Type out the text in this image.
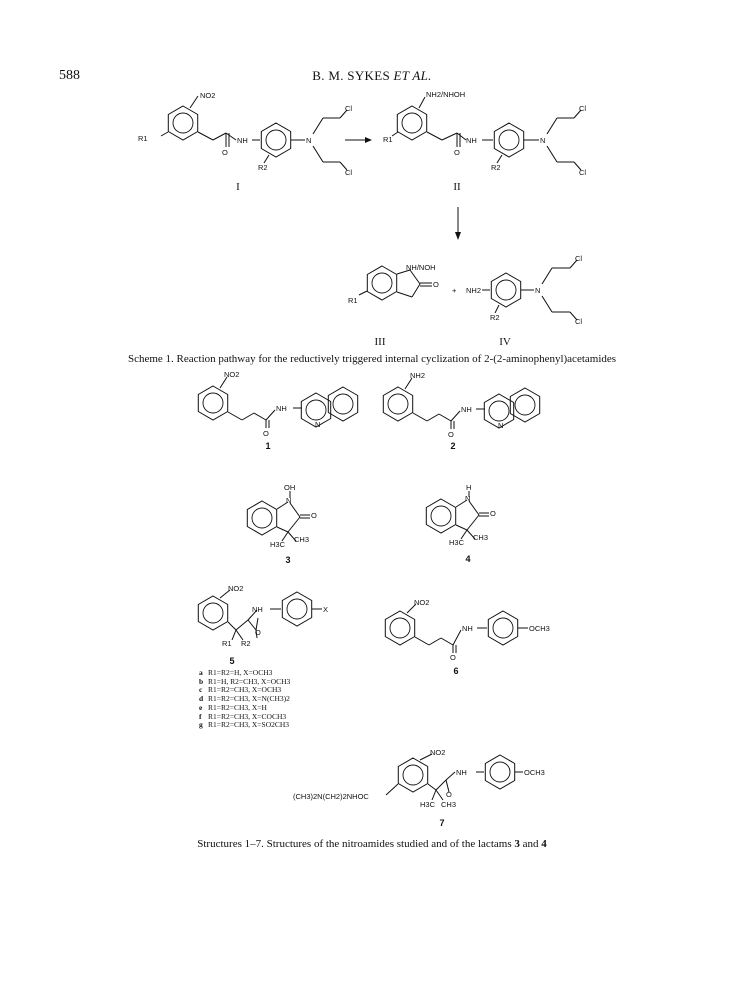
588	B. M. SYKES ET AL.
NO2
R1	NH
O
N
Cl
Cl
R2
I
NH2/NHOH
R1	NH
O
N
Cl
Cl
R2
II
NH/NOH
O
R1
+ NH2	N
Cl
Cl
R2
III	IV
Scheme 1. Reaction pathway for the reductively triggered internal cyclization of 2-(2-aminophenyl)acetamides
NO2
NH
O
N
1
NH2
NH
O
N
2
OH
N
O
H3C
CH3
3
H
N
O
H3C
CH3
4
NO2
NH
O
X
R1 R2
5
a R1=R2=H, X=OCH3
b R1=H, R2=CH3, X=OCH3
c R1=R2=CH3, X=OCH3
d R1=R2=CH3, X=N(CH3)2
e R1=R2=CH3, X=H
f R1=R2=CH3, X=COCH3
g R1=R2=CH3, X=SO2CH3
NO2
NH
O
OCH3
6
NO2
NH
O
OCH3
(CH3)2N(CH2)2NHOC
H3C CH3
7
Structures 1–7. Structures of the nitroamides studied and of the lactams 3 and 4
